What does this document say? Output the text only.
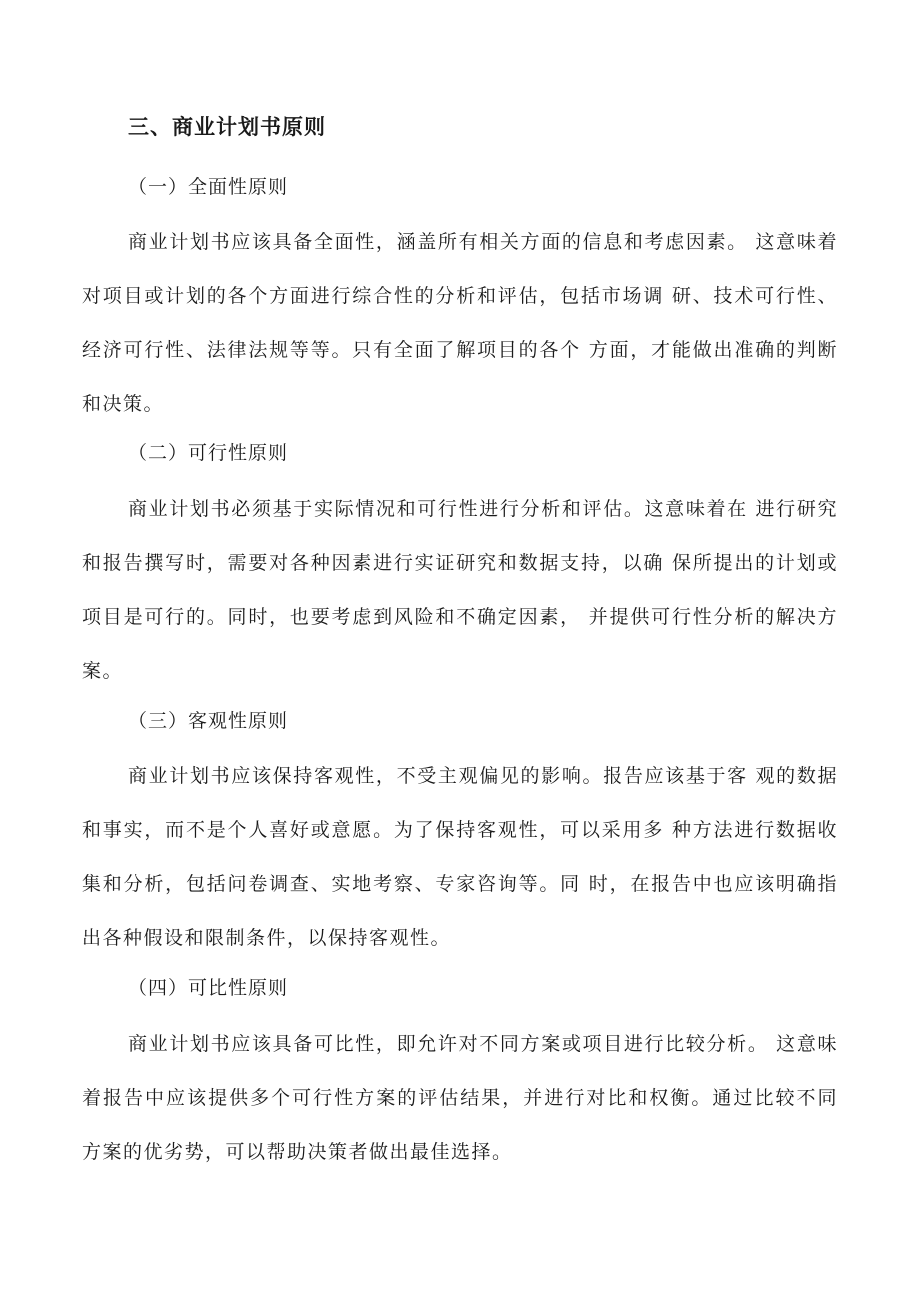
三、商业计划书原则
（一）全面性原则

商业计划书应该具备全面性，涵盖所有相关方面的信息和考虑因素。 这意味着对项目或计划的各个方面进行综合性的分析和评估，包括市场调 研、技术可行性、经济可行性、法律法规等等。只有全面了解项目的各个 方面，才能做出准确的判断和决策。

（二）可行性原则

商业计划书必须基于实际情况和可行性进行分析和评估。这意味着在 进行研究和报告撰写时，需要对各种因素进行实证研究和数据支持，以确 保所提出的计划或项目是可行的。同时，也要考虑到风险和不确定因素， 并提供可行性分析的解决方案。

（三）客观性原则

商业计划书应该保持客观性，不受主观偏见的影响。报告应该基于客 观的数据和事实，而不是个人喜好或意愿。为了保持客观性，可以采用多 种方法进行数据收集和分析，包括问卷调查、实地考察、专家咨询等。同 时，在报告中也应该明确指出各种假设和限制条件，以保持客观性。

（四）可比性原则

商业计划书应该具备可比性，即允许对不同方案或项目进行比较分析。 这意味着报告中应该提供多个可行性方案的评估结果，并进行对比和权衡。通过比较不同方案的优劣势，可以帮助决策者做出最佳选择。
